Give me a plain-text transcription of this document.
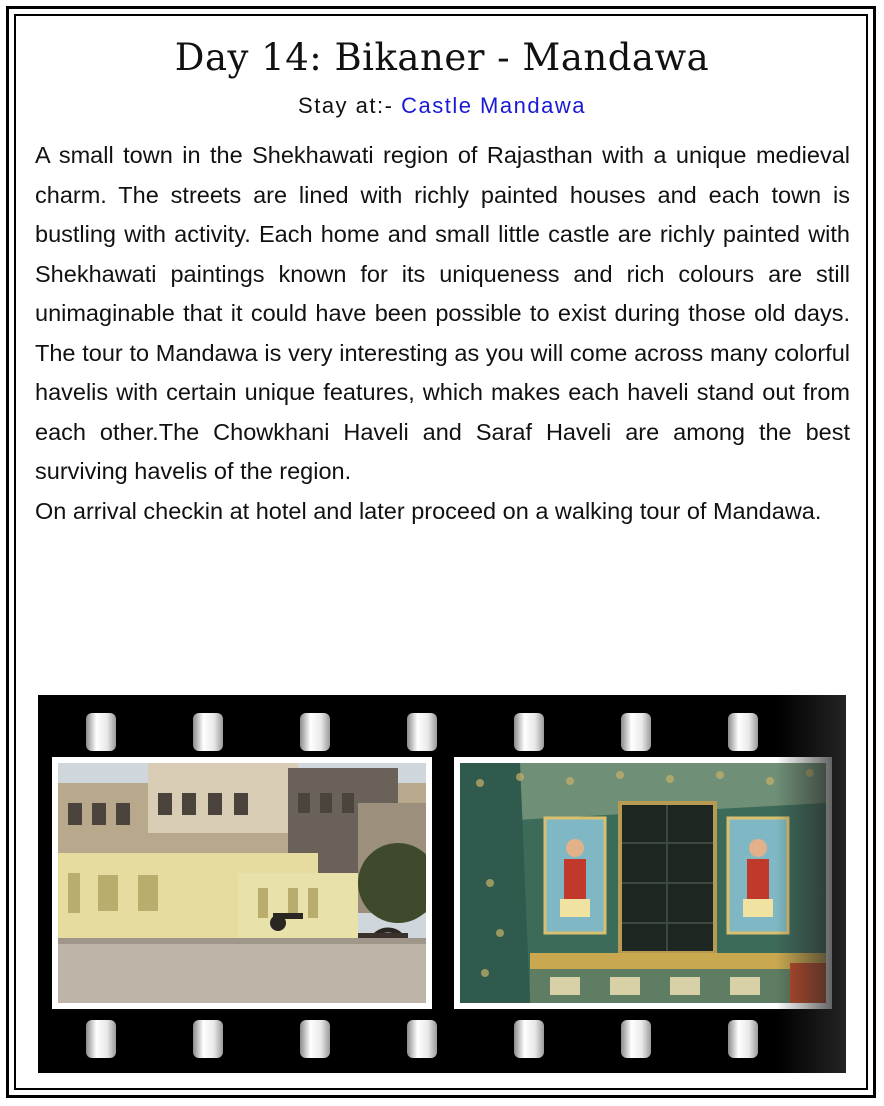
Day 14: Bikaner - Mandawa
Stay at:- Castle Mandawa

A small town in the Shekhawati region of Rajasthan with a unique medieval charm. The streets are lined with richly painted houses and each town is bustling with activity. Each home and small little castle are richly painted with Shekhawati paintings known for its uniqueness and rich colours are still unimaginable that it could have been possible to exist during those old days. The tour to Mandawa is very interesting as you will come across many colorful havelis with certain unique features, which makes each haveli stand out from each other.The Chowkhani Haveli and Saraf Haveli are among the best surviving havelis of the region.

On arrival checkin at hotel and later proceed on a walking tour of Mandawa.
